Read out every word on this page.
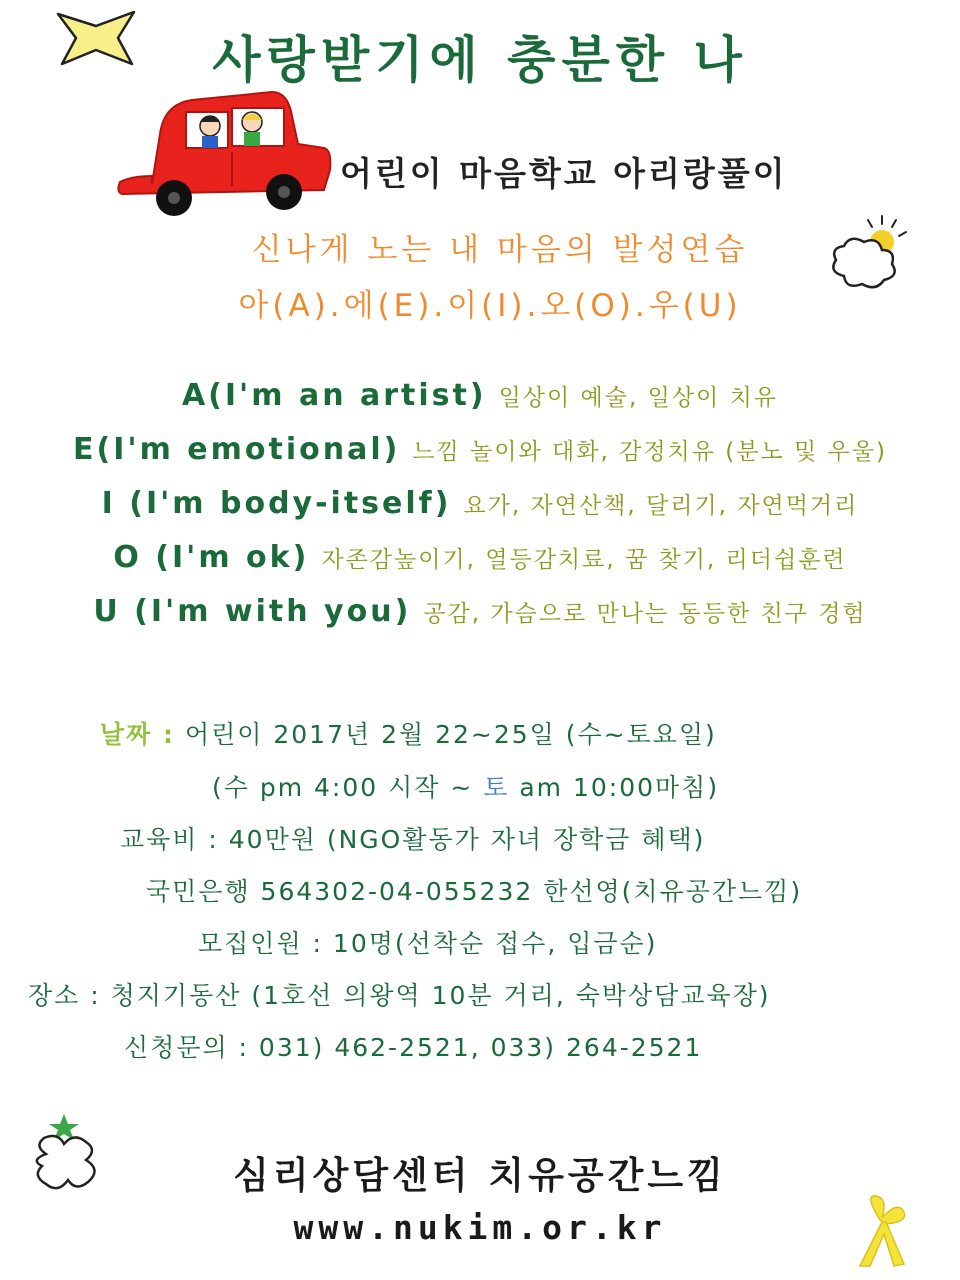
사랑받기에 충분한 나
어린이 마음학교 아리랑풀이
신나게 노는 내 마음의 발성연습
아(A).에(E).이(I).오(O).우(U)
A(I'm an artist) 일상이 예술, 일상이 치유
E(I'm emotional) 느낌 놀이와 대화, 감정치유 (분노 및 우울)
I (I'm body-itself) 요가, 자연산책, 달리기, 자연먹거리
O (I'm ok) 자존감높이기, 열등감치료, 꿈 찾기, 리더쉽훈련
U (I'm with you) 공감, 가슴으로 만나는 동등한 친구 경험
날짜 : 어린이 2017년 2월 22~25일 (수~토요일)
(수 pm 4:00 시작 ~
토 am 10:00마침)
교육비 : 40만원 (NGO활동가 자녀 장학금 혜택)
국민은행 564302-04-055232 한선영(치유공간느낌)
모집인원 : 10명(선착순 접수, 입금순)
장소 : 청지기동산 (1호선 의왕역 10분 거리, 숙박상담교육장)
신청문의 : 031) 462-2521, 033) 264-2521
심리상담센터 치유공간느낌
www.nukim.or.kr
